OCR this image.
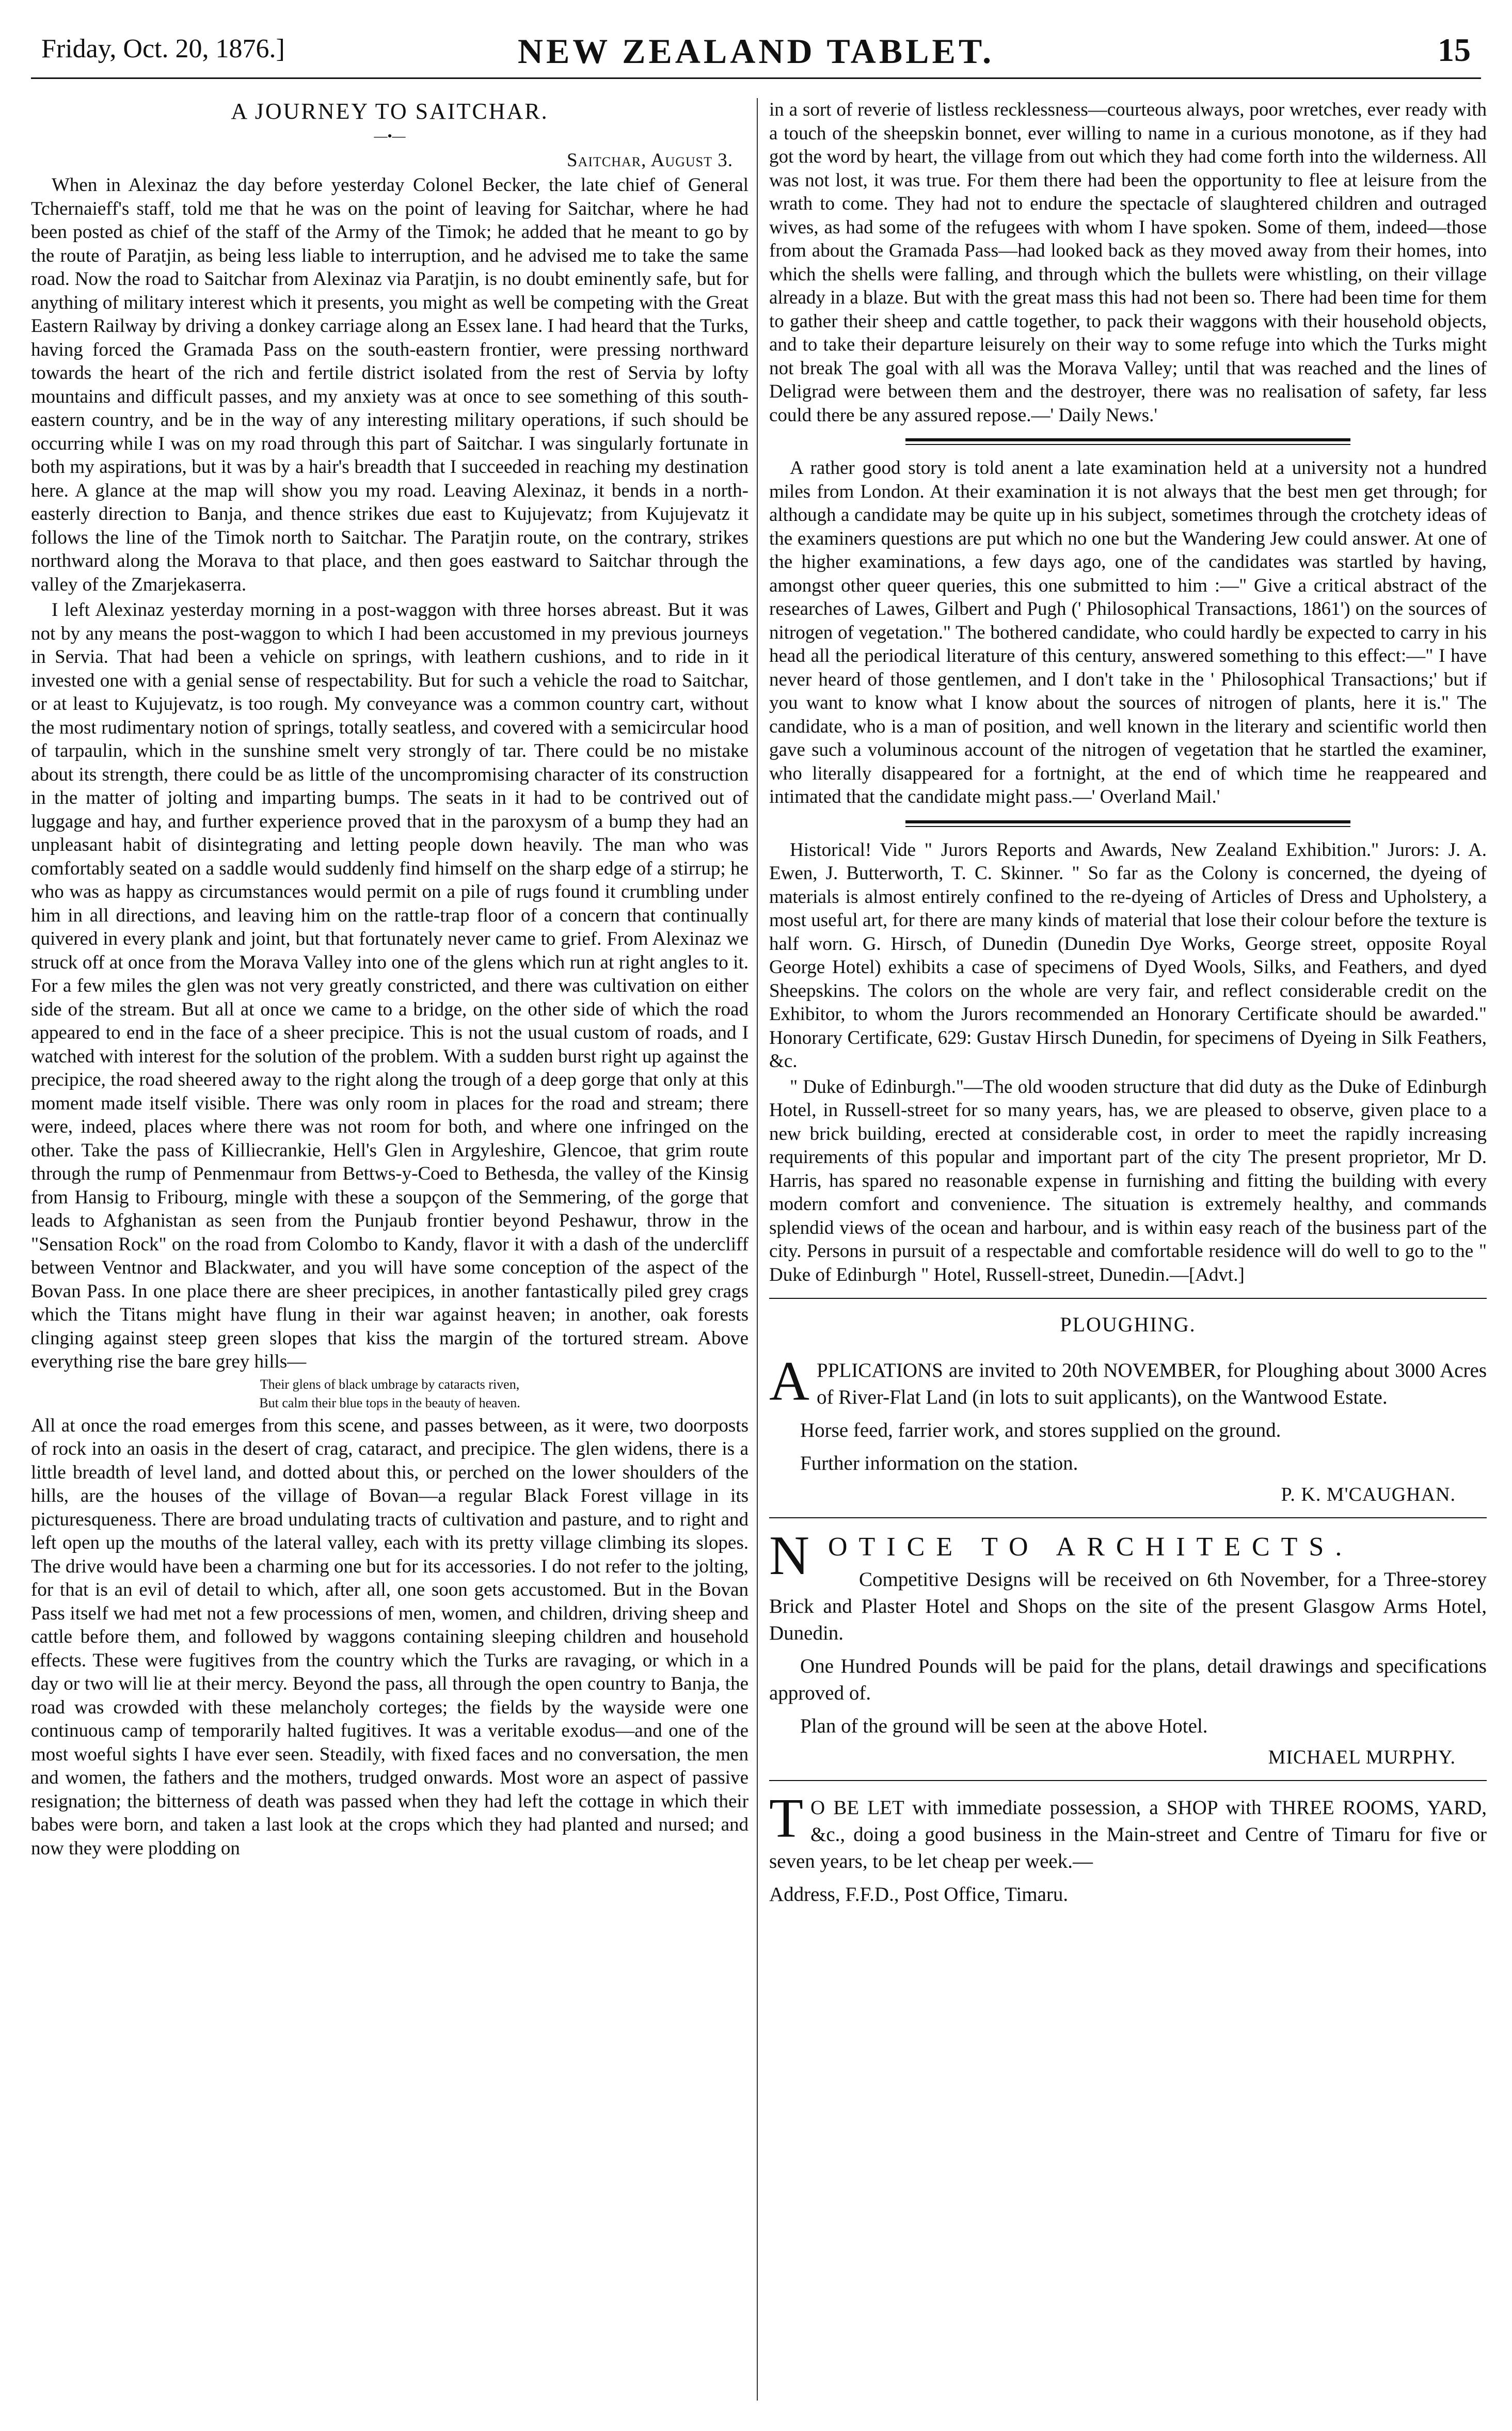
Friday, Oct. 20, 1876.]	NEW ZEALAND TABLET.	15
A JOURNEY TO SAITCHAR.
—•—
Saitchar, August 3.

When in Alexinaz the day before yesterday Colonel Becker, the late chief of General Tchernaieff's staff, told me that he was on the point of leaving for Saitchar, where he had been posted as chief of the staff of the Army of the Timok; he added that he meant to go by the route of Paratjin, as being less liable to interruption, and he advised me to take the same road. Now the road to Saitchar from Alexinaz via Paratjin, is no doubt eminently safe, but for anything of military interest which it presents, you might as well be competing with the Great Eastern Railway by driving a donkey carriage along an Essex lane. I had heard that the Turks, having forced the Gramada Pass on the south-eastern frontier, were pressing northward towards the heart of the rich and fertile district isolated from the rest of Servia by lofty mountains and difficult passes, and my anxiety was at once to see something of this south-eastern country, and be in the way of any interesting military operations, if such should be occurring while I was on my road through this part of Saitchar. I was singularly fortunate in both my aspirations, but it was by a hair's breadth that I succeeded in reaching my destination here. A glance at the map will show you my road. Leaving Alexinaz, it bends in a north-easterly direction to Banja, and thence strikes due east to Kujujevatz; from Kujujevatz it follows the line of the Timok north to Saitchar. The Paratjin route, on the contrary, strikes northward along the Morava to that place, and then goes eastward to Saitchar through the valley of the Zmarjekaserra.

I left Alexinaz yesterday morning in a post-waggon with three horses abreast. But it was not by any means the post-waggon to which I had been accustomed in my previous journeys in Servia. That had been a vehicle on springs, with leathern cushions, and to ride in it invested one with a genial sense of respectability. But for such a vehicle the road to Saitchar, or at least to Kujujevatz, is too rough. My conveyance was a common country cart, without the most rudimentary notion of springs, totally seatless, and covered with a semicircular hood of tarpaulin, which in the sunshine smelt very strongly of tar. There could be no mistake about its strength, there could be as little of the uncompromising character of its construction in the matter of jolting and imparting bumps. The seats in it had to be contrived out of luggage and hay, and further experience proved that in the paroxysm of a bump they had an unpleasant habit of disintegrating and letting people down heavily. The man who was comfortably seated on a saddle would suddenly find himself on the sharp edge of a stirrup; he who was as happy as circumstances would permit on a pile of rugs found it crumbling under him in all directions, and leaving him on the rattle-trap floor of a concern that continually quivered in every plank and joint, but that fortunately never came to grief. From Alexinaz we struck off at once from the Morava Valley into one of the glens which run at right angles to it. For a few miles the glen was not very greatly constricted, and there was cultivation on either side of the stream. But all at once we came to a bridge, on the other side of which the road appeared to end in the face of a sheer precipice. This is not the usual custom of roads, and I watched with interest for the solution of the problem. With a sudden burst right up against the precipice, the road sheered away to the right along the trough of a deep gorge that only at this moment made itself visible. There was only room in places for the road and stream; there were, indeed, places where there was not room for both, and where one infringed on the other. Take the pass of Killiecrankie, Hell's Glen in Argyleshire, Glencoe, that grim route through the rump of Penmenmaur from Bettws-y-Coed to Bethesda, the valley of the Kinsig from Hansig to Fribourg, mingle with these a soupçon of the Semmering, of the gorge that leads to Afghanistan as seen from the Punjaub frontier beyond Peshawur, throw in the "Sensation Rock" on the road from Colombo to Kandy, flavor it with a dash of the undercliff between Ventnor and Blackwater, and you will have some conception of the aspect of the Bovan Pass. In one place there are sheer precipices, in another fantastically piled grey crags which the Titans might have flung in their war against heaven; in another, oak forests clinging against steep green slopes that kiss the margin of the tortured stream. Above everything rise the bare grey hills—

Their glens of black umbrage by cataracts riven,
But calm their blue tops in the beauty of heaven.

All at once the road emerges from this scene, and passes between, as it were, two doorposts of rock into an oasis in the desert of crag, cataract, and precipice. The glen widens, there is a little breadth of level land, and dotted about this, or perched on the lower shoulders of the hills, are the houses of the village of Bovan—a regular Black Forest village in its picturesqueness. There are broad undulating tracts of cultivation and pasture, and to right and left open up the mouths of the lateral valley, each with its pretty village climbing its slopes. The drive would have been a charming one but for its accessories. I do not refer to the jolting, for that is an evil of detail to which, after all, one soon gets accustomed. But in the Bovan Pass itself we had met not a few processions of men, women, and children, driving sheep and cattle before them, and followed by waggons containing sleeping children and household effects. These were fugitives from the country which the Turks are ravaging, or which in a day or two will lie at their mercy. Beyond the pass, all through the open country to Banja, the road was crowded with these melancholy corteges; the fields by the wayside were one continuous camp of temporarily halted fugitives. It was a veritable exodus—and one of the most woeful sights I have ever seen. Steadily, with fixed faces and no conversation, the men and women, the fathers and the mothers, trudged onwards. Most wore an aspect of passive resignation; the bitterness of death was passed when they had left the cottage in which their babes were born, and taken a last look at the crops which they had planted and nursed; and now they were plodding on

in a sort of reverie of listless recklessness—courteous always, poor wretches, ever ready with a touch of the sheepskin bonnet, ever willing to name in a curious monotone, as if they had got the word by heart, the village from out which they had come forth into the wilderness. All was not lost, it was true. For them there had been the opportunity to flee at leisure from the wrath to come. They had not to endure the spectacle of slaughtered children and outraged wives, as had some of the refugees with whom I have spoken. Some of them, indeed—those from about the Gramada Pass—had looked back as they moved away from their homes, into which the shells were falling, and through which the bullets were whistling, on their village already in a blaze. But with the great mass this had not been so. There had been time for them to gather their sheep and cattle together, to pack their waggons with their household objects, and to take their departure leisurely on their way to some refuge into which the Turks might not break The goal with all was the Morava Valley; until that was reached and the lines of Deligrad were between them and the destroyer, there was no realisation of safety, far less could there be any assured repose.—' Daily News.'

A rather good story is told anent a late examination held at a university not a hundred miles from London. At their examination it is not always that the best men get through; for although a candidate may be quite up in his subject, sometimes through the crotchety ideas of the examiners questions are put which no one but the Wandering Jew could answer. At one of the higher examinations, a few days ago, one of the candidates was startled by having, amongst other queer queries, this one submitted to him :—" Give a critical abstract of the researches of Lawes, Gilbert and Pugh (' Philosophical Transactions, 1861') on the sources of nitrogen of vegetation." The bothered candidate, who could hardly be expected to carry in his head all the periodical literature of this century, answered something to this effect:—" I have never heard of those gentlemen, and I don't take in the ' Philosophical Transactions;' but if you want to know what I know about the sources of nitrogen of plants, here it is." The candidate, who is a man of position, and well known in the literary and scientific world then gave such a voluminous account of the nitrogen of vegetation that he startled the examiner, who literally disappeared for a fortnight, at the end of which time he reappeared and intimated that the candidate might pass.—' Overland Mail.'

Historical! Vide " Jurors Reports and Awards, New Zealand Exhibition." Jurors: J. A. Ewen, J. Butterworth, T. C. Skinner. " So far as the Colony is concerned, the dyeing of materials is almost entirely confined to the re-dyeing of Articles of Dress and Upholstery, a most useful art, for there are many kinds of material that lose their colour before the texture is half worn. G. Hirsch, of Dunedin (Dunedin Dye Works, George street, opposite Royal George Hotel) exhibits a case of specimens of Dyed Wools, Silks, and Feathers, and dyed Sheepskins. The colors on the whole are very fair, and reflect considerable credit on the Exhibitor, to whom the Jurors recommended an Honorary Certificate should be awarded." Honorary Certificate, 629: Gustav Hirsch Dunedin, for specimens of Dyeing in Silk Feathers, &c.

" Duke of Edinburgh."—The old wooden structure that did duty as the Duke of Edinburgh Hotel, in Russell-street for so many years, has, we are pleased to observe, given place to a new brick building, erected at considerable cost, in order to meet the rapidly increasing requirements of this popular and important part of the city The present proprietor, Mr D. Harris, has spared no reasonable expense in furnishing and fitting the building with every modern comfort and convenience. The situation is extremely healthy, and commands splendid views of the ocean and harbour, and is within easy reach of the business part of the city. Persons in pursuit of a respectable and comfortable residence will do well to go to the " Duke of Edinburgh " Hotel, Russell-street, Dunedin.—[Advt.]

PLOUGHING.

APPLICATIONS are invited to 20th NOVEMBER, for Ploughing about 3000 Acres of River-Flat Land (in lots to suit applicants), on the Wantwood Estate.

Horse feed, farrier work, and stores supplied on the ground.

Further information on the station.

P. K. M'CAUGHAN.
NOTICE TO ARCHITECTS.

Competitive Designs will be received on 6th November, for a Three-storey Brick and Plaster Hotel and Shops on the site of the present Glasgow Arms Hotel, Dunedin.

One Hundred Pounds will be paid for the plans, detail drawings and specifications approved of.

Plan of the ground will be seen at the above Hotel.

MICHAEL MURPHY.

T O BE LET with immediate possession, a SHOP with THREE ROOMS, YARD, &c., doing a good business in the Main-street and Centre of Timaru for five or seven years, to be let cheap per week.—

Address, F.F.D., Post Office, Timaru.
